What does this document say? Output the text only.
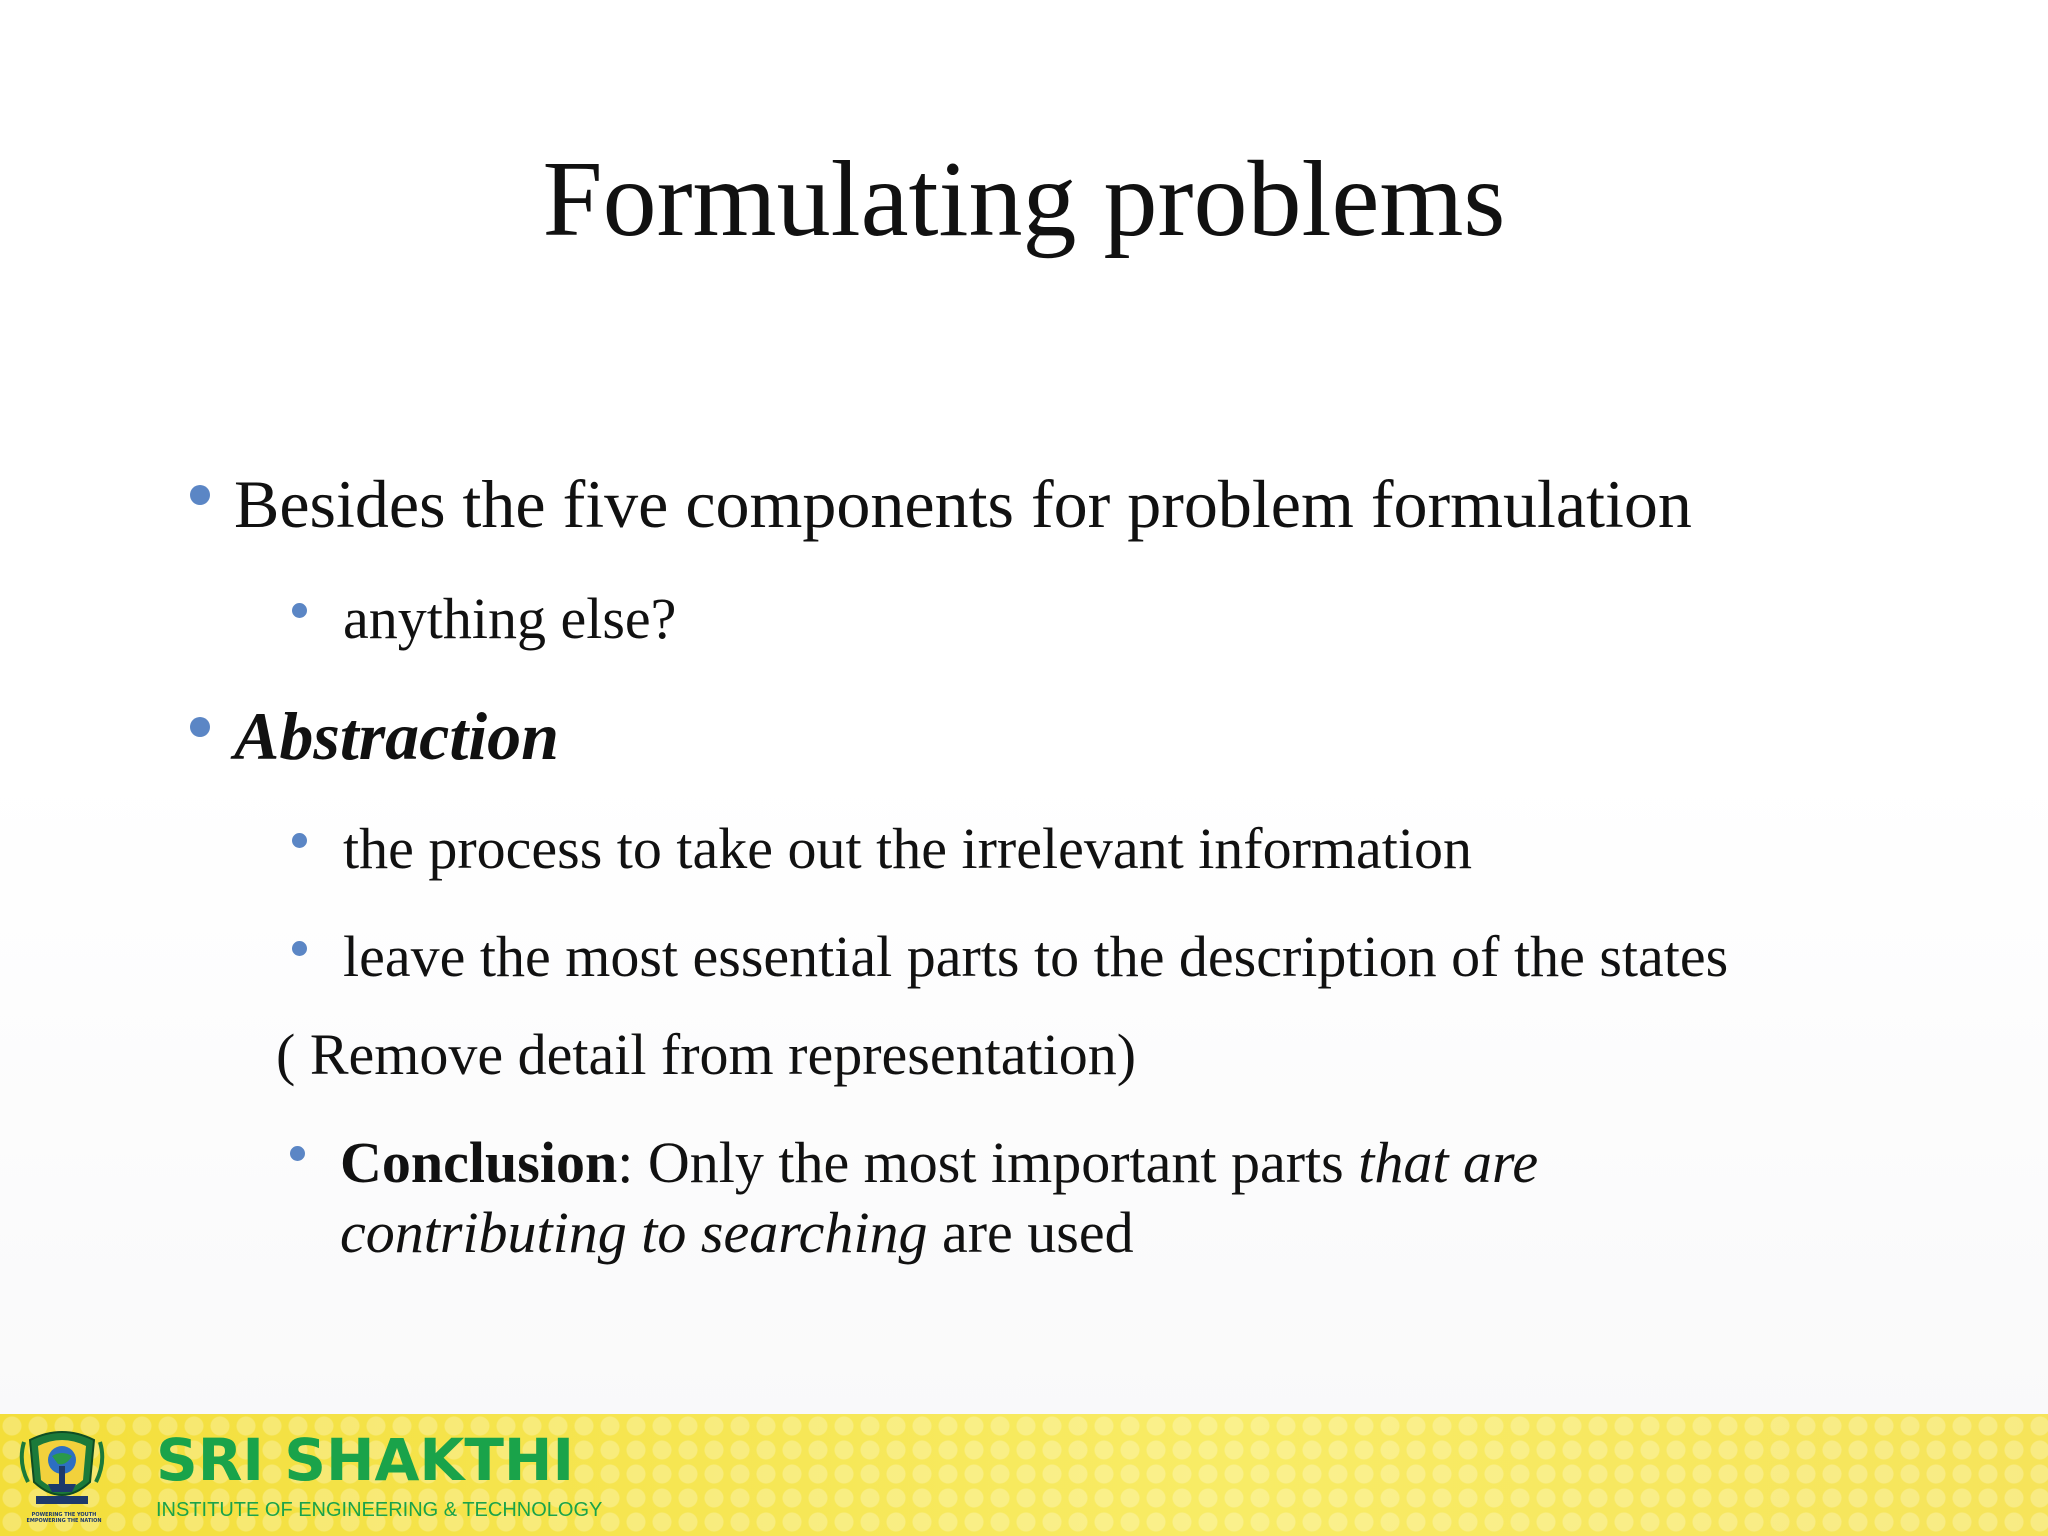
Formulating problems
Besides the five components for problem formulation
anything else?
Abstraction
the process to take out the irrelevant information
leave the most essential parts to the description of the states
( Remove detail from representation)
Conclusion: Only the most important parts that are contributing to searching are used
POWERING THE YOUTH
EMPOWERING THE NATION
SRI SHAKTHI
INSTITUTE OF ENGINEERING & TECHNOLOGY
